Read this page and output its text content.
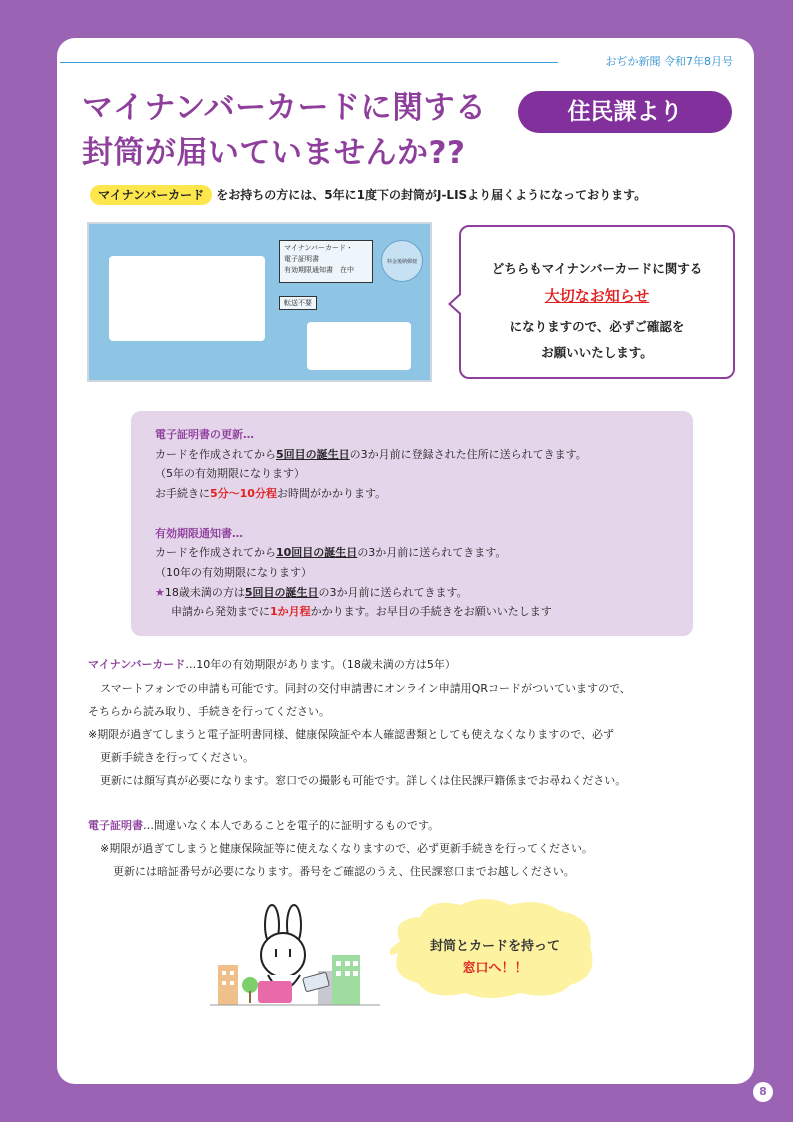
おぢか新聞 令和7年8月号
マイナンバーカードに関する
封筒が届いていませんか??
住民課より
マイナンバーカード をお持ちの方には、5年に1度下の封筒がJ-LISより届くようになっております。
マイナンバーカード・
電子証明書
有効期限通知書　在中
転送不要
料金後納郵便	どちらもマイナンバーカードに関する
大切なお知らせ
になりますので、必ずご確認を
お願いいたします。
電子証明書の更新…
カードを作成されてから5回目の誕生日の3か月前に登録された住所に送られてきます。
（5年の有効期限になります）
お手続きに5分〜10分程お時間がかかります。
有効期限通知書…
カードを作成されてから10回目の誕生日の3か月前に送られてきます。
（10年の有効期限になります）
★18歳未満の方は5回目の誕生日の3か月前に送られてきます。
申請から発効までに1か月程かかります。お早目の手続きをお願いいたします
マイナンバーカード…10年の有効期限があります。（18歳未満の方は5年）
スマートフォンでの申請も可能です。同封の交付申請書にオンライン申請用QRコードがついていますので、
そちらから読み取り、手続きを行ってください。
※期限が過ぎてしまうと電子証明書同様、健康保険証や本人確認書類としても使えなくなりますので、必ず
更新手続きを行ってください。
更新には顔写真が必要になります。窓口での撮影も可能です。詳しくは住民課戸籍係までお尋ねください。
電子証明書…間違いなく本人であることを電子的に証明するものです。
※期限が過ぎてしまうと健康保険証等に使えなくなりますので、必ず更新手続きを行ってください。
更新には暗証番号が必要になります。番号をご確認のうえ、住民課窓口までお越しください。
封筒とカードを持って
窓口へ！！
8
